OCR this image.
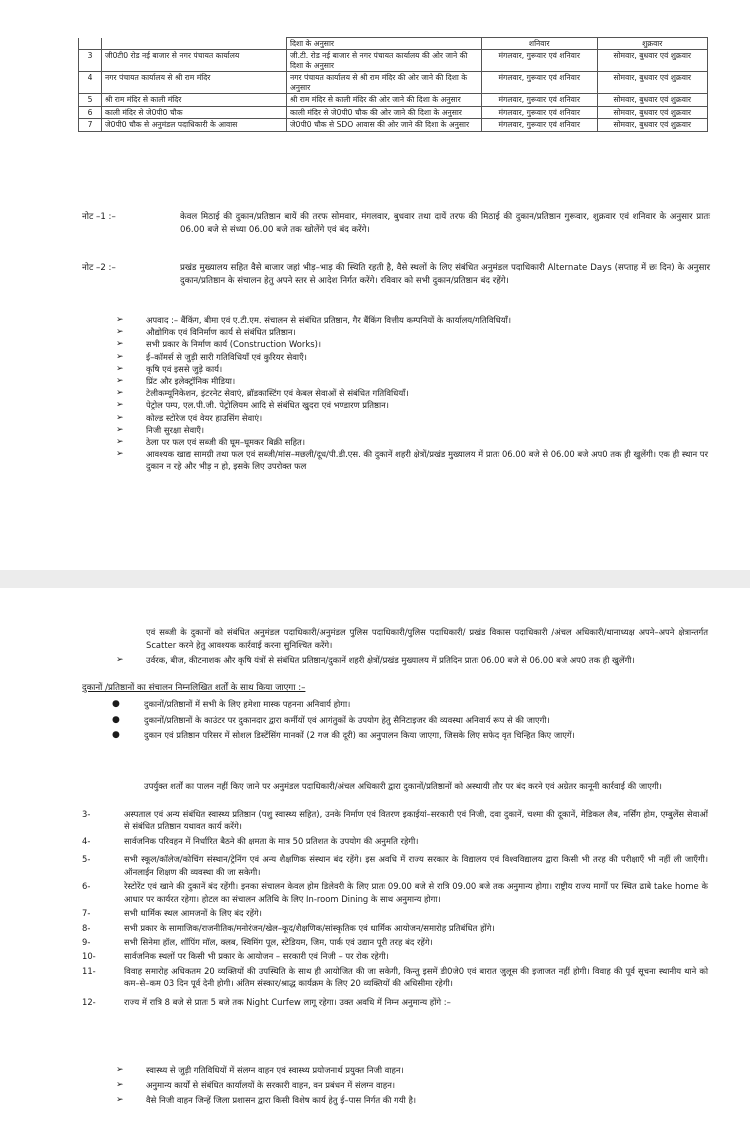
		दिशा के अनुसार	शनिवार	शुक्रवार
3	जी0टी0 रोड नई बाजार से नगर पंचायत कार्यालय	जी.टी. रोड नई बाजार से नगर पंचायत कार्यालय की ओर जाने की दिशा के अनुसार	मंगलवार, गुरूवार एवं शनिवार	सोमवार, बुधवार एवं शुक्रवार
4	नगर पंचायत कार्यालय से श्री राम मंदिर	नगर पंचायत कार्यालय से श्री राम मंदिर की ओर जाने की दिशा के अनुसार	मंगलवार, गुरूवार एवं शनिवार	सोमवार, बुधवार एवं शुक्रवार
5	श्री राम मंदिर से काली मंदिर	श्री राम मंदिर से काली मंदिर की ओर जाने की दिशा के अनुसार	मंगलवार, गुरूवार एवं शनिवार	सोमवार, बुधवार एवं शुक्रवार
6	काली मंदिर से जे0पी0 चौक	काली मंदिर से जे0पी0 चौक की ओर जाने की दिशा के अनुसार	मंगलवार, गुरूवार एवं शनिवार	सोमवार, बुधवार एवं शुक्रवार
7	जे0पी0 चौक से अनुमंडल पदाधिकारी के आवास	जे0पी0 चौक से SDO आवास की ओर जाने की दिशा के अनुसार	मंगलवार, गुरूवार एवं शनिवार	सोमवार, बुधवार एवं शुक्रवार
नोट –1 :–	केवल मिठाई की दुकान/प्रतिष्ठान बायें की तरफ सोमवार, मंगलवार, बुधवार तथा दायें तरफ की मिठाई की दुकान/प्रतिष्ठान गुरूवार, शुक्रवार एवं शनिवार के अनुसार प्रातः 06.00 बजे से संध्या 06.00 बजे तक खोलेंगे एवं बंद करेंगे।
नोट –2 :–	प्रखंड मुख्यालय सहित वैसे बाजार जहां भीड़–भाड़ की स्थिति रहती है, वैसे स्थलों के लिए संबंधित अनुमंडल पदाधिकारी Alternate Days (सप्ताह में छः दिन) के अनुसार दुकान/प्रतिष्ठान के संचालन हेतु अपने स्तर से आदेश निर्गत करेंगे। रविवार को सभी दुकान/प्रतिष्ठान बंद रहेंगे।
➢	अपवाद :– बैंकिंग, बीमा एवं ए.टी.एम. संचालन से संबंधित प्रतिष्ठान, गैर बैंकिंग वित्तीय कम्पनियों के कार्यालय/गतिविधियाँ।
➢	औद्योगिक एवं विनिर्माण कार्य से संबंधित प्रतिष्ठान।
➢	सभी प्रकार के निर्माण कार्य (Construction Works)।
➢	ई–कॉमर्स से जुड़ी सारी गतिविधियाँ एवं कुरियर सेवाएँ।
➢	कृषि एवं इससे जुड़े कार्य।
➢	प्रिंट और इलेक्ट्रॉनिक मीडिया।
➢	टेलीकम्यूनिकेशन, इंटरनेट सेवाएं, ब्रॉडकास्टिंग एवं केबल सेवाओं से संबंधित गतिविधियाँ।
➢	पेट्रोल पम्प, एल.पी.जी. पेट्रोलियम आदि से संबंधित खुदरा एवं भण्डारण प्रतिष्ठान।
➢	कोल्ड स्टोरेज एवं वेयर हाउसिंग सेवाएं।
➢	निजी सुरक्षा सेवाएँ।
➢	ठेला पर फल एवं सब्जी की घूम–घूमकर बिक्री सहित।
➢	आवश्यक खाद्य सामग्री तथा फल एवं सब्जी/मांस–मछली/दूध/पी.डी.एस. की दुकानें शहरी क्षेत्रों/प्रखंड मुख्यालय में प्रातः 06.00 बजे से 06.00 बजे अप0 तक ही खुलेंगी। एक ही स्थान पर दुकान न रहे और भीड़ न हो, इसके लिए उपरोक्त फल
एवं सब्जी के दुकानों को संबंधित अनुमंडल पदाधिकारी/अनुमंडल पुलिस पदाधिकारी/पुलिस पदाधिकारी/ प्रखंड विकास पदाधिकारी /अंचल अधिकारी/थानाध्यक्ष अपने–अपने क्षेत्रान्तर्गत Scatter करने हेतु आवश्यक कार्रवाई करना सुनिश्चित करेंगे।
➢	उर्वरक, बीज, कीटनाशक और कृषि यंत्रों से संबंधित प्रतिष्ठान/दुकानें शहरी क्षेत्रों/प्रखंड मुख्यालय में प्रतिदिन प्रातः 06.00 बजे से 06.00 बजे अप0 तक ही खुलेंगी।
दुकानों /प्रतिष्ठानों का संचालन निम्नलिखित शर्तों के साथ किया जाएगा :–
●	दुकानों/प्रतिष्ठानों में सभी के लिए हमेशा मास्क पहनना अनिवार्य होगा।
●	दुकानों/प्रतिष्ठानों के काउंटर पर दुकानदार द्वारा कर्मीयों एवं आगंतुकों के उपयोग हेतु सैनिटाइजर की व्यवस्था अनिवार्य रूप से की जाएगी।
●	दुकान एवं प्रतिष्ठान परिसर में सोशल डिस्टेंसिंग मानकों (2 गज की दूरी) का अनुपालन किया जाएगा, जिसके लिए सफेद वृत चिन्हित किए जाएगें।
उपर्युक्त शर्तों का पालन नहीं किए जाने पर अनुमंडल पदाधिकारी/अंचल अधिकारी द्वारा दुकानों/प्रतिष्ठानों को अस्थायी तौर पर बंद करने एवं अग्रेतर कानूनी कार्रवाई की जाएगी।
3-	अस्पताल एवं अन्य संबंधित स्वास्थ्य प्रतिष्ठान (पशु स्वास्थ्य सहित), उनके निर्माण एवं वितरण इकाईयां–सरकारी एवं निजी, दवा दुकानें, चश्मा की दूकानें, मेडिकल लैब, नर्सिंग होम, एम्बुलेंस सेवाओं से संबंधित प्रतिष्ठान यथावत कार्य करेंगे।
4-	सार्वजनिक परिवहन में निर्धारित बैठने की क्षमता के मात्र 50 प्रतिशत के उपयोग की अनुमति रहेगी।
5-	सभी स्कूल/कॉलेज/कोचिंग संस्थान/ट्रेनिंग एवं अन्य शैक्षणिक संस्थान बंद रहेंगे। इस अवधि में राज्य सरकार के विद्यालय एवं विश्वविद्यालय द्वारा किसी भी तरह की परीक्षाएँ भी नहीं ली जाएँगी। ऑनलाईन शिक्षण की व्यवस्था की जा सकेगी।
6-	रेस्टोरेंट एवं खाने की दुकानें बंद रहेंगी। इनका संचालन केवल होम डिलेवरी के लिए प्रातः 09.00 बजे से रात्रि 09.00 बजे तक अनुमान्य होगा। राष्ट्रीय राज्य मार्गों पर स्थित ढाबे take home के आधार पर कार्यरत रहेगा। होटल का संचालन अतिथि के लिए In-room Dining के साथ अनुमान्य होगा।
7-	सभी धार्मिक स्थल आमजनों के लिए बंद रहेंगे।
8-	सभी प्रकार के सामाजिक/राजनीतिक/मनोरंजन/खेल–कूद/शैक्षणिक/सांस्कृतिक एवं धार्मिक आयोजन/समारोह प्रतिबंधित होंगे।
9-	सभी सिनेमा हॉल, शॉपिंग मॉल, क्लब, स्विमिंग पूल, स्टेडियम, जिम, पार्क एवं उद्यान पूरी तरह बंद रहेंगे।
10-	सार्वजनिक स्थलों पर किसी भी प्रकार के आयोजन – सरकारी एवं निजी – पर रोक रहेगी।
11-	विवाह समारोह अधिकतम 20 व्यक्तियों की उपस्थिति के साथ ही आयोजित की जा सकेगी, किन्तु इसमें डी0जे0 एवं बारात जुलूस की इजाजत नहीं होगी। विवाह की पूर्व सूचना स्थानीय थाने को कम–से–कम 03 दिन पूर्व देनी होगी। अंतिम संस्कार/श्राद्ध कार्यक्रम के लिए 20 व्यक्तियों की अधिसीमा रहेगी।
12-	राज्य में रात्रि 8 बजे से प्रातः 5 बजे तक Night Curfew लागू रहेगा। उक्त अवधि में निम्न अनुमान्य होंगे :–
➢	स्वास्थ्य से जुड़ी गतिविधियों में संलग्न वाहन एवं स्वास्थ्य प्रयोजनार्थ प्रयुक्त निजी वाहन।
➢	अनुमान्य कार्यों से संबंधित कार्यालयों के सरकारी वाहन, वन प्रबंधन में संलग्न वाहन।
➢	वैसे निजी वाहन जिन्हें जिला प्रशासन द्वारा किसी विशेष कार्य हेतु ई–पास निर्गत की गयी है।
